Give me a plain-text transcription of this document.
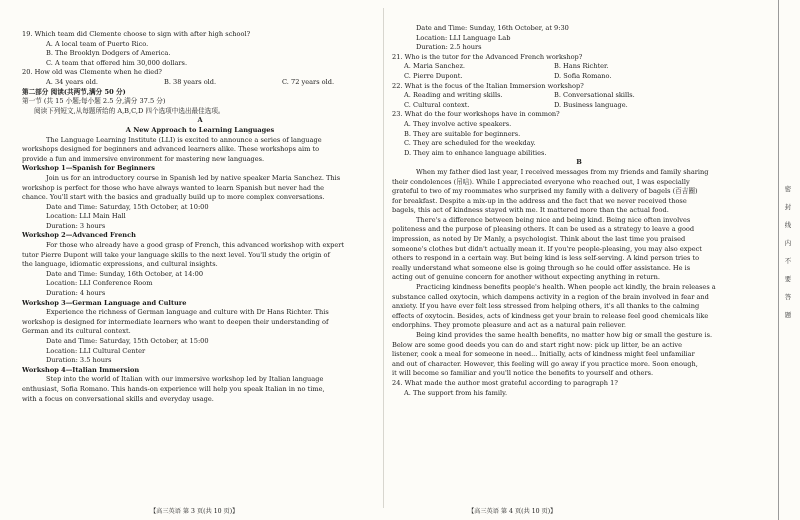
19. Which team did Clemente choose to sign with after high school?
A. A local team of Puerto Rico.
B. The Brooklyn Dodgers of America.
C. A team that offered him 30,000 dollars.
20. How old was Clemente when he died?
A. 34 years old.	B. 38 years old.	C. 72 years old.
第二部分 阅读(共两节,满分 50 分)
第一节 (共 15 小题;每小题 2.5 分,满分 37.5 分)
阅读下列短文,从每题所给的 A,B,C,D 四个选项中选出最佳选项。
A
A New Approach to Learning Languages
The Language Learning Institute (LLI) is excited to announce a series of language
workshops designed for beginners and advanced learners alike. These workshops aim to
provide a fun and immersive environment for mastering new languages.
Workshop 1—Spanish for Beginners
Join us for an introductory course in Spanish led by native speaker Maria Sanchez. This
workshop is perfect for those who have always wanted to learn Spanish but never had the
chance. You'll start with the basics and gradually build up to more complex conversations.
Date and Time: Saturday, 15th October, at 10:00
Location: LLI Main Hall
Duration: 3 hours
Workshop 2—Advanced French
For those who already have a good grasp of French, this advanced workshop with expert
tutor Pierre Dupont will take your language skills to the next level. You'll study the origin of
the language, idiomatic expressions, and cultural insights.
Date and Time: Sunday, 16th October, at 14:00
Location: LLI Conference Room
Duration: 4 hours
Workshop 3—German Language and Culture
Experience the richness of German language and culture with Dr Hans Richter. This
workshop is designed for intermediate learners who want to deepen their understanding of
German and its cultural context.
Date and Time: Saturday, 15th October, at 15:00
Location: LLI Cultural Center
Duration: 3.5 hours
Workshop 4—Italian Immersion
Step into the world of Italian with our immersive workshop led by Italian language
enthusiast, Sofia Romano. This hands-on experience will help you speak Italian in no time,
with a focus on conversational skills and everyday usage.
【高三英语 第 3 页(共 10 页)】
Date and Time: Sunday, 16th October, at 9:30
Location: LLI Language Lab
Duration: 2.5 hours
21. Who is the tutor for the Advanced French workshop?
A. Maria Sanchez.	B. Hans Richter.
C. Pierre Dupont.	D. Sofia Romano.
22. What is the focus of the Italian Immersion workshop?
A. Reading and writing skills.	B. Conversational skills.
C. Cultural context.	D. Business language.
23. What do the four workshops have in common?
A. They involve active speakers.
B. They are suitable for beginners.
C. They are scheduled for the weekday.
D. They aim to enhance language abilities.
B
When my father died last year, I received messages from my friends and family sharing
their condolences (吊唁). While I appreciated everyone who reached out, I was especially
grateful to two of my roommates who surprised my family with a delivery of bagels (百吉圈)
for breakfast. Despite a mix-up in the address and the fact that we never received those
bagels, this act of kindness stayed with me. It mattered more than the actual food.
There's a difference between being nice and being kind. Being nice often involves
politeness and the purpose of pleasing others. It can be used as a strategy to leave a good
impression, as noted by Dr Manly, a psychologist. Think about the last time you praised
someone's clothes but didn't actually mean it. If you're people-pleasing, you may also expect
others to respond in a certain way. But being kind is less self-serving. A kind person tries to
really understand what someone else is going through so he could offer assistance. He is
acting out of genuine concern for another without expecting anything in return.
Practicing kindness benefits people's health. When people act kindly, the brain releases a
substance called oxytocin, which dampens activity in a region of the brain involved in fear and
anxiety. If you have ever felt less stressed from helping others, it's all thanks to the calming
effects of oxytocin. Besides, acts of kindness get your brain to release feel good chemicals like
endorphins. They promote pleasure and act as a natural pain reliever.
Being kind provides the same health benefits, no matter how big or small the gesture is.
Below are some good deeds you can do and start right now: pick up litter, be an active
listener, cook a meal for someone in need... Initially, acts of kindness might feel unfamiliar
and out of character. However, this feeling will go away if you practice more. Soon enough,
it will become so familiar and you'll notice the benefits to yourself and others.
24. What made the author most grateful according to paragraph 1?
A. The support from his family.
【高三英语 第 4 页(共 10 页)】
密
封
线
内
不
要
答
题
